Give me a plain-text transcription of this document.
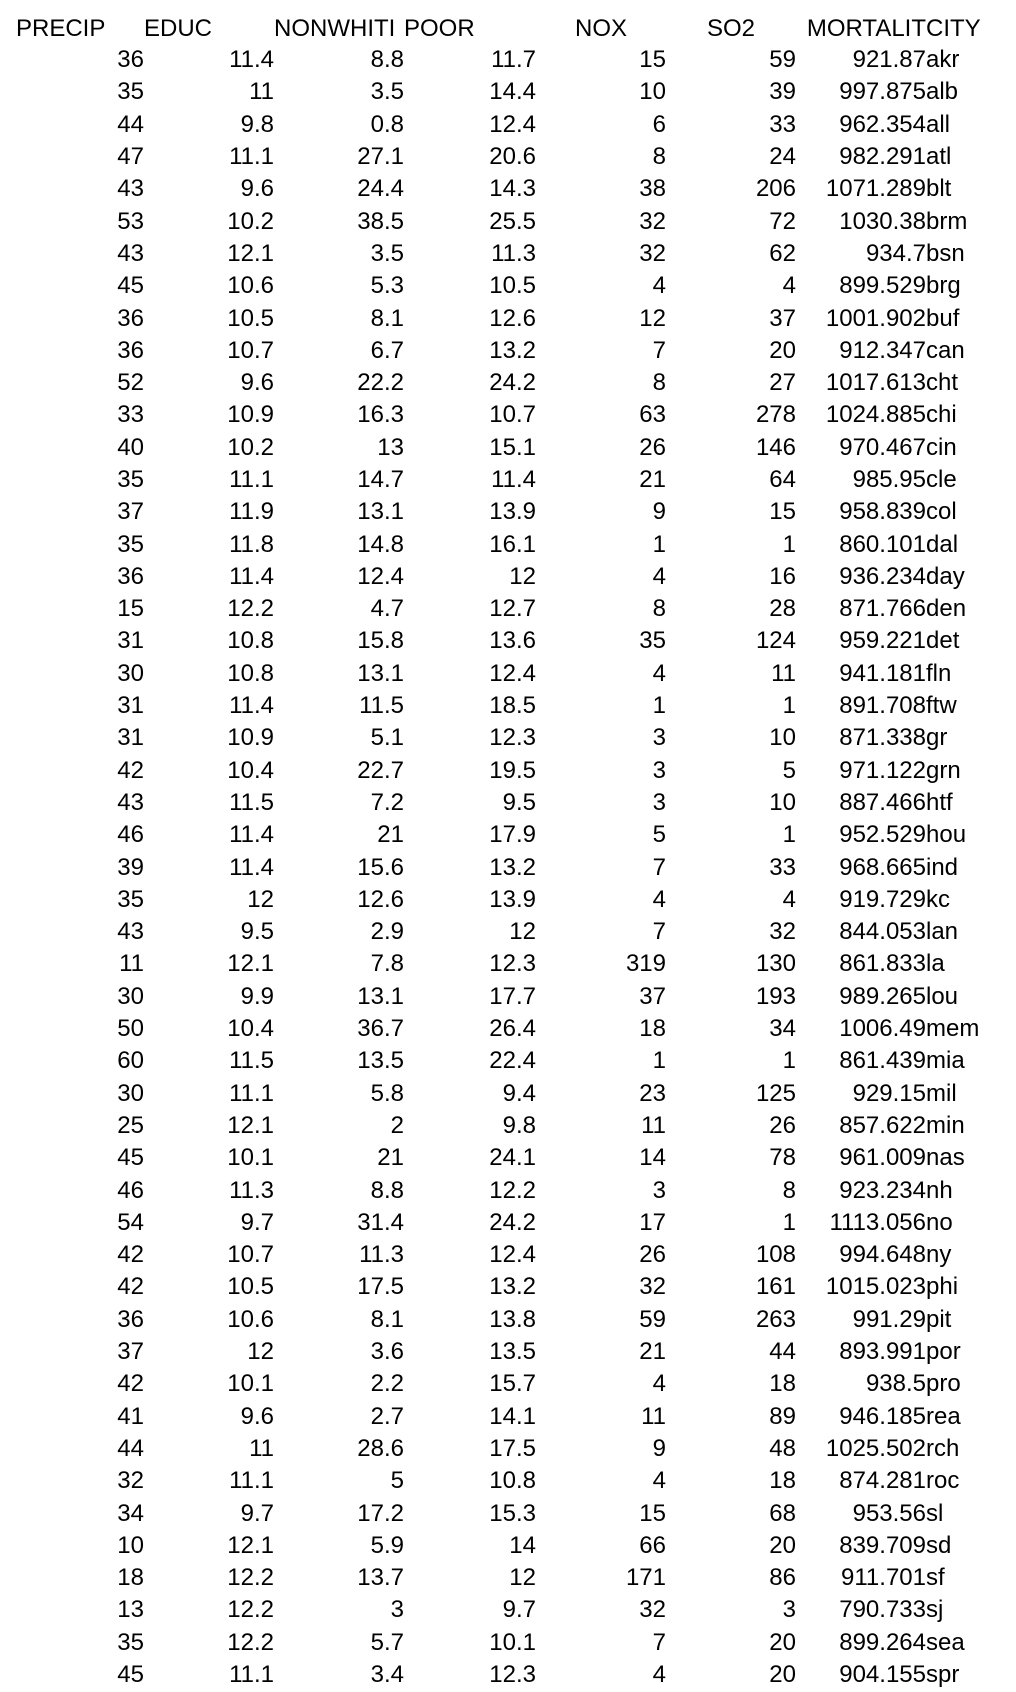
PRECIP	EDUC	NONWHITI	POOR	NOX	SO2	MORTALIT	CITY
36	11.4	8.8	11.7	15	59	921.87	akr
35	11	3.5	14.4	10	39	997.875	alb
44	9.8	0.8	12.4	6	33	962.354	all
47	11.1	27.1	20.6	8	24	982.291	atl
43	9.6	24.4	14.3	38	206	1071.289	blt
53	10.2	38.5	25.5	32	72	1030.38	brm
43	12.1	3.5	11.3	32	62	934.7	bsn
45	10.6	5.3	10.5	4	4	899.529	brg
36	10.5	8.1	12.6	12	37	1001.902	buf
36	10.7	6.7	13.2	7	20	912.347	can
52	9.6	22.2	24.2	8	27	1017.613	cht
33	10.9	16.3	10.7	63	278	1024.885	chi
40	10.2	13	15.1	26	146	970.467	cin
35	11.1	14.7	11.4	21	64	985.95	cle
37	11.9	13.1	13.9	9	15	958.839	col
35	11.8	14.8	16.1	1	1	860.101	dal
36	11.4	12.4	12	4	16	936.234	day
15	12.2	4.7	12.7	8	28	871.766	den
31	10.8	15.8	13.6	35	124	959.221	det
30	10.8	13.1	12.4	4	11	941.181	fln
31	11.4	11.5	18.5	1	1	891.708	ftw
31	10.9	5.1	12.3	3	10	871.338	gr
42	10.4	22.7	19.5	3	5	971.122	grn
43	11.5	7.2	9.5	3	10	887.466	htf
46	11.4	21	17.9	5	1	952.529	hou
39	11.4	15.6	13.2	7	33	968.665	ind
35	12	12.6	13.9	4	4	919.729	kc
43	9.5	2.9	12	7	32	844.053	lan
11	12.1	7.8	12.3	319	130	861.833	la
30	9.9	13.1	17.7	37	193	989.265	lou
50	10.4	36.7	26.4	18	34	1006.49	mem
60	11.5	13.5	22.4	1	1	861.439	mia
30	11.1	5.8	9.4	23	125	929.15	mil
25	12.1	2	9.8	11	26	857.622	min
45	10.1	21	24.1	14	78	961.009	nas
46	11.3	8.8	12.2	3	8	923.234	nh
54	9.7	31.4	24.2	17	1	1113.056	no
42	10.7	11.3	12.4	26	108	994.648	ny
42	10.5	17.5	13.2	32	161	1015.023	phi
36	10.6	8.1	13.8	59	263	991.29	pit
37	12	3.6	13.5	21	44	893.991	por
42	10.1	2.2	15.7	4	18	938.5	pro
41	9.6	2.7	14.1	11	89	946.185	rea
44	11	28.6	17.5	9	48	1025.502	rch
32	11.1	5	10.8	4	18	874.281	roc
34	9.7	17.2	15.3	15	68	953.56	sl
10	12.1	5.9	14	66	20	839.709	sd
18	12.2	13.7	12	171	86	911.701	sf
13	12.2	3	9.7	32	3	790.733	sj
35	12.2	5.7	10.1	7	20	899.264	sea
45	11.1	3.4	12.3	4	20	904.155	spr
